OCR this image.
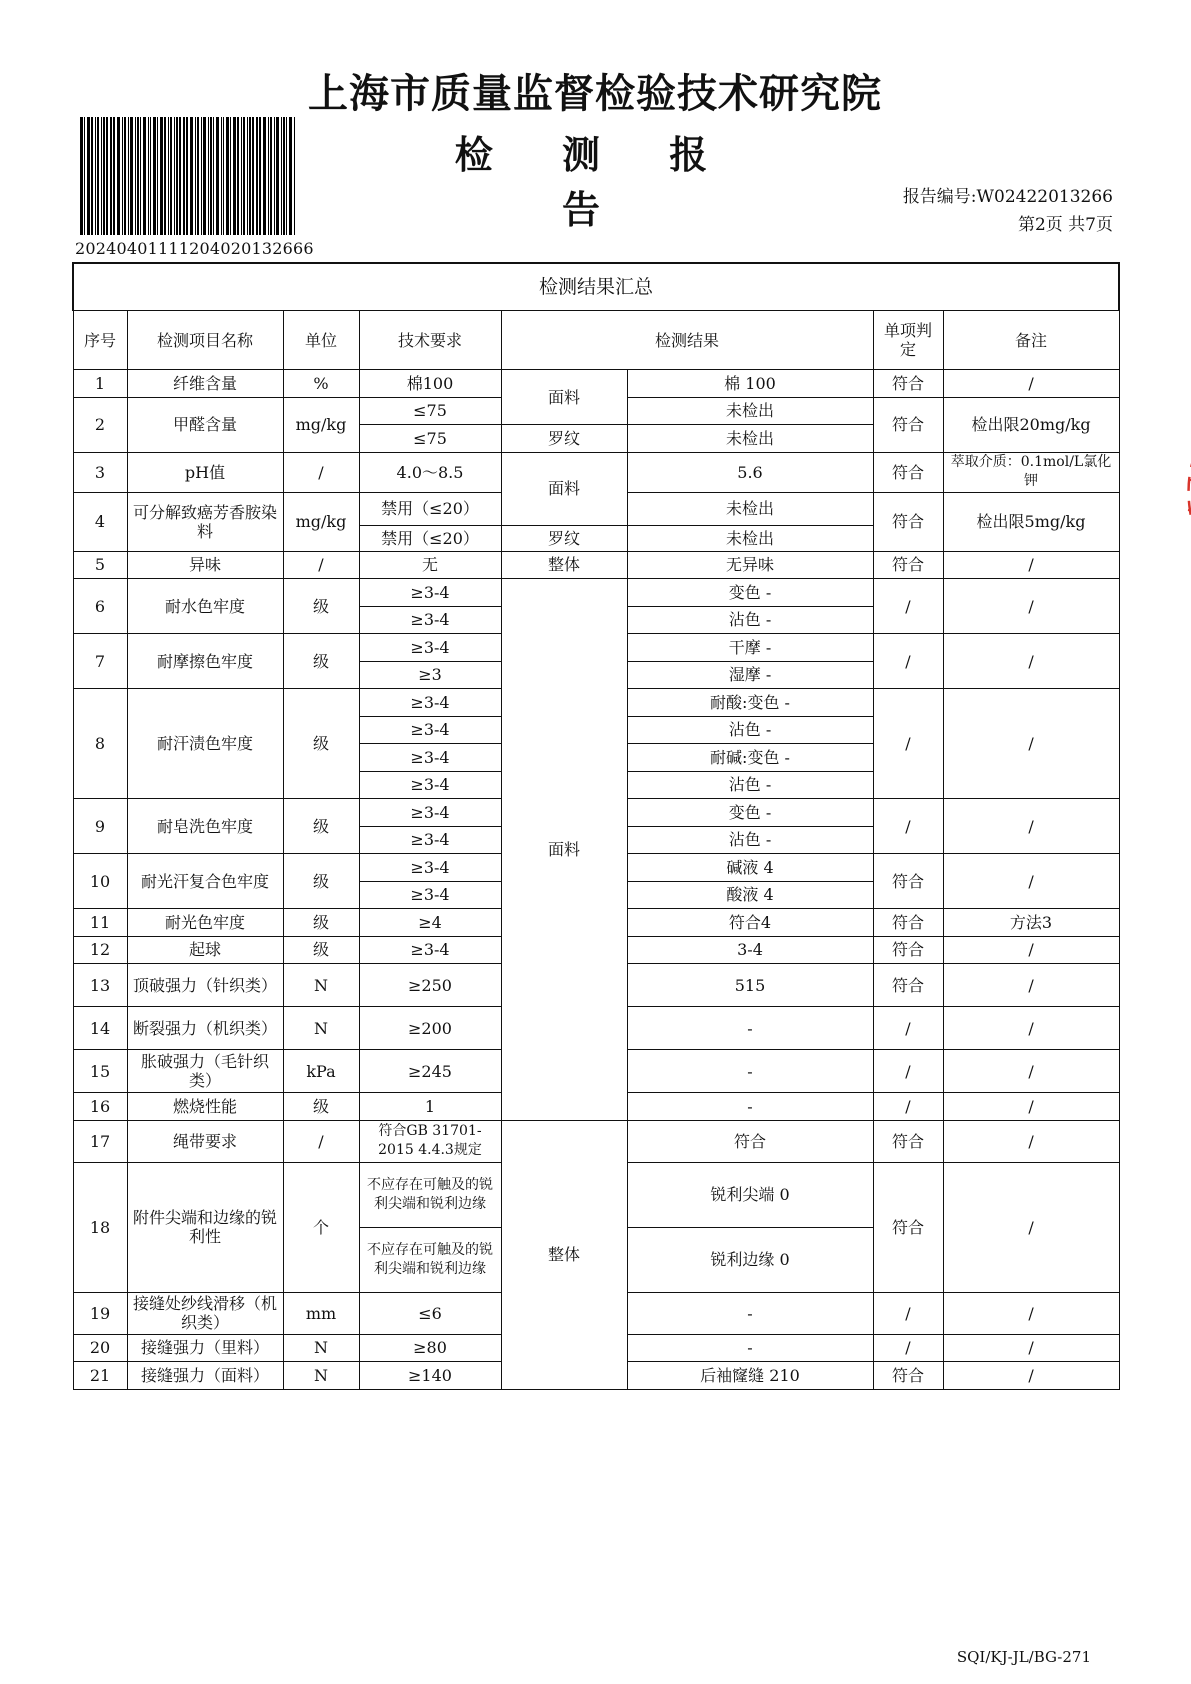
上海市质量监督检验技术研究院
检 测 报 告
20240401111204020132666
报告编号:W02422013266
第2页 共7页
检测结果汇总							
序号	检测项目名称	单位	技术要求	检测结果		单项判定	备注
1	纤维含量	%	棉100	面料	棉 100	符合	/
2	甲醛含量	mg/kg	≤75		未检出	符合	检出限20mg/kg
			≤75	罗纹	未检出		
3	pH值	/	4.0～8.5	面料	5.6	符合	萃取介质：0.1mol/L氯化钾
4	可分解致癌芳香胺染料	mg/kg	禁用（≤20）		未检出	符合	检出限5mg/kg
			禁用（≤20）	罗纹	未检出		
5	异味	/	无	整体	无异味	符合	/
6	耐水色牢度	级	≥3-4	面料	变色 -	/	/
			≥3-4		沾色 -		
7	耐摩擦色牢度	级	≥3-4		干摩 -	/	/
			≥3		湿摩 -		
8	耐汗渍色牢度	级	≥3-4		耐酸:变色 -	/	/
			≥3-4		沾色 -		
			≥3-4		耐碱:变色 -		
			≥3-4		沾色 -		
9	耐皂洗色牢度	级	≥3-4		变色 -	/	/
			≥3-4		沾色 -		
10	耐光汗复合色牢度	级	≥3-4		碱液 4	符合	/
			≥3-4		酸液 4		
11	耐光色牢度	级	≥4		符合4	符合	方法3
12	起球	级	≥3-4		3-4	符合	/
13	顶破强力（针织类）	N	≥250		515	符合	/
14	断裂强力（机织类）	N	≥200		-	/	/
15	胀破强力（毛针织类）	kPa	≥245		-	/	/
16	燃烧性能	级	1		-	/	/
17	绳带要求	/	符合GB 31701-2015 4.4.3规定	整体	符合	符合	/
18	附件尖端和边缘的锐利性	个	不应存在可触及的锐利尖端和锐利边缘		锐利尖端 0	符合	/
			不应存在可触及的锐利尖端和锐利边缘		锐利边缘 0		
19	接缝处纱线滑移（机织类）	mm	≤6		-	/	/
20	接缝强力（里料）	N	≥80		-	/	/
21	接缝强力（面料）	N	≥140		后袖窿缝 210	符合	/
SQI/KJ-JL/BG-271
